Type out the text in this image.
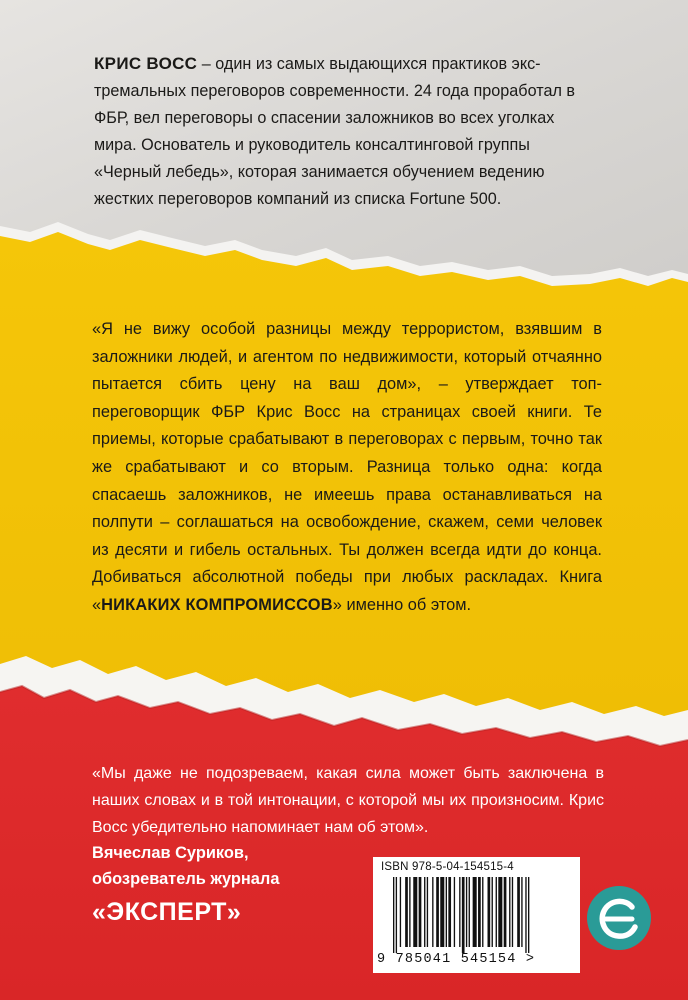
КРИС ВОСС – один из самых выдающихся практиков экстремальных переговоров современности. 24 года проработал в ФБР, вел переговоры о спасении заложников во всех уголках мира. Основатель и руководитель консалтинговой группы «Черный лебедь», которая занимается обучением ведению жестких переговоров компаний из списка Fortune 500.
«Я не вижу особой разницы между террористом, взявшим в заложники людей, и агентом по недвижимости, который отчаянно пытается сбить цену на ваш дом», – утверждает топ-переговорщик ФБР Крис Восс на страницах своей книги. Те приемы, которые срабатывают в переговорах с первым, точно так же срабатывают и со вторым. Разница только одна: когда спасаешь заложников, не имеешь права останавливаться на полпути – соглашаться на освобождение, скажем, семи человек из десяти и гибель остальных. Ты должен всегда идти до конца. Добиваться абсолютной победы при любых раскладах. Книга «НИКАКИХ КОМПРОМИССОВ» именно об этом.
«Мы даже не подозреваем, какая сила может быть заключена в наших словах и в той интонации, с которой мы их произносим. Крис Восс убедительно напоминает нам об этом».
Вячеслав Суриков,
обозреватель журнала
«ЭКСПЕРТ»
ISBN 978-5-04-154515-4
9 785041 545154 >
